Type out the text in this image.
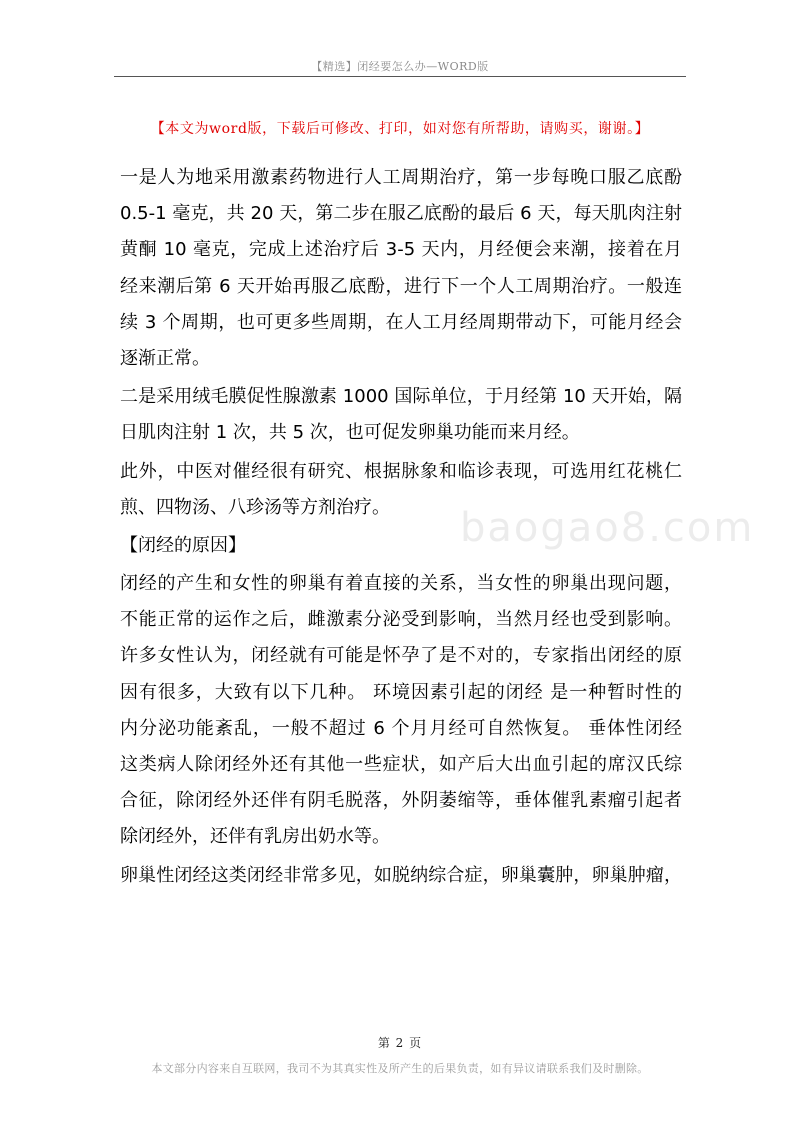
【精选】闭经要怎么办—WORD版
【本文为word版，下载后可修改、打印，如对您有所帮助，请购买，谢谢。】
baogao8.com
一是人为地采用激素药物进行人工周期治疗，第一步每晚口服乙底酚
0.5-1 毫克，共 20 天，第二步在服乙底酚的最后 6 天，每天肌肉注射
黄酮 10 毫克，完成上述治疗后 3-5 天内，月经便会来潮，接着在月
经来潮后第 6 天开始再服乙底酚，进行下一个人工周期治疗。一般连
续 3 个周期，也可更多些周期，在人工月经周期带动下，可能月经会
逐渐正常。
二是采用绒毛膜促性腺激素 1000 国际单位，于月经第 10 天开始，隔
日肌肉注射 1 次，共 5 次，也可促发卵巢功能而来月经。
此外，中医对催经很有研究、根据脉象和临诊表现，可选用红花桃仁
煎、四物汤、八珍汤等方剂治疗。
【闭经的原因】
闭经的产生和女性的卵巢有着直接的关系，当女性的卵巢出现问题，
不能正常的运作之后，雌激素分泌受到影响，当然月经也受到影响。
许多女性认为，闭经就有可能是怀孕了是不对的，专家指出闭经的原
因有很多，大致有以下几种。 环境因素引起的闭经 是一种暂时性的
内分泌功能紊乱，一般不超过 6 个月月经可自然恢复。 垂体性闭经
这类病人除闭经外还有其他一些症状，如产后大出血引起的席汉氏综
合征，除闭经外还伴有阴毛脱落，外阴萎缩等，垂体催乳素瘤引起者
除闭经外，还伴有乳房出奶水等。
卵巢性闭经这类闭经非常多见，如脱纳综合症，卵巢囊肿，卵巢肿瘤，
第 2 页
本文部分内容来自互联网，我司不为其真实性及所产生的后果负责，如有异议请联系我们及时删除。
